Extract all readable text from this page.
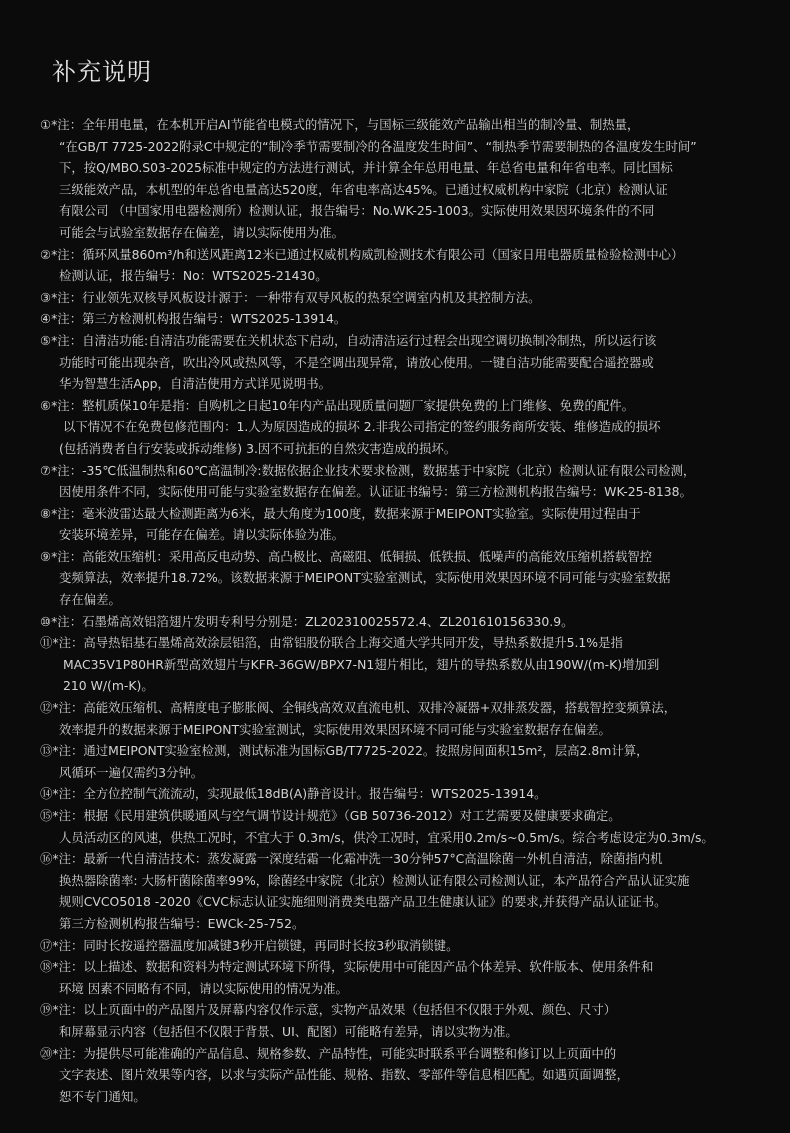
补充说明
①*注：全年用电量，在本机开启AI节能省电模式的情况下，与国标三级能效产品输出相当的制冷量、制热量，
“在GB/T 7725-2022附录C中规定的“制冷季节需要制冷的各温度发生时间”、“制热季节需要制热的各温度发生时间”
下，按Q/MBO.S03-2025标准中规定的方法进行测试，并计算全年总用电量、年总省电量和年省电率。同比国标
三级能效产品，本机型的年总省电量高达520度，年省电率高达45%。已通过权威机构中家院（北京）检测认证
有限公司 （中国家用电器检测所）检测认证，报告编号：No.WK-25-1003。实际使用效果因环境条件的不同
可能会与试验室数据存在偏差，请以实际使用为准。
②*注：循环风量860m³/h和送风距离12米已通过权威机构威凯检测技术有限公司（国家日用电器质量检验检测中心）
检测认证，报告编号：No：WTS2025-21430。
③*注：行业领先双核导风板设计源于：一种带有双导风板的热泵空调室内机及其控制方法。
④*注：第三方检测机构报告编号：WTS2025-13914。
⑤*注：自清洁功能:自清洁功能需要在关机状态下启动，自动清洁运行过程会出现空调切换制冷制热，所以运行该
功能时可能出现杂音，吹出冷风或热风等，不是空调出现异常，请放心使用。一键自洁功能需要配合遥控器或
华为智慧生活App，自清洁使用方式详见说明书。
⑥*注：整机质保10年是指：自购机之日起10年内产品出现质量问题厂家提供免费的上门维修、免费的配件。
以下情况不在免费包修范围内：1.人为原因造成的损坏 2.非我公司指定的签约服务商所安装、维修造成的损坏
(包括消费者自行安装或拆动维修) 3.因不可抗拒的自然灾害造成的损坏。
⑦*注：-35℃低温制热和60℃高温制冷:数据依据企业技术要求检测，数据基于中家院（北京）检测认证有限公司检测，
因使用条件不同，实际使用可能与实验室数据存在偏差。认证证书编号：第三方检测机构报告编号：WK-25-8138。
⑧*注：毫米波雷达最大检测距离为6米，最大角度为100度，数据来源于MEIPONT实验室。实际使用过程由于
安装环境差异，可能存在偏差。请以实际体验为准。
⑨*注：高能效压缩机：采用高反电动势、高凸极比、高磁阻、低铜损、低铁损、低噪声的高能效压缩机搭载智控
变频算法，效率提升18.72%。该数据来源于MEIPONT实验室测试，实际使用效果因环境不同可能与实验室数据
存在偏差。
⑩*注：石墨烯高效铝箔翅片发明专利号分别是：ZL202310025572.4、ZL201610156330.9。
⑪*注：高导热铝基石墨烯高效涂层铝箔，由常铝股份联合上海交通大学共同开发，导热系数提升5.1%是指
MAC35V1P80HR新型高效翅片与KFR-36GW/BPX7-N1翅片相比，翅片的导热系数从由190W/(m-K)增加到
210 W/(m-K)。
⑫*注：高能效压缩机、高精度电子膨胀阀、全铜线高效双直流电机、双排冷凝器+双排蒸发器，搭载智控变频算法，
效率提升的数据来源于MEIPONT实验室测试，实际使用效果因环境不同可能与实验室数据存在偏差。
⑬*注：通过MEIPONT实验室检测，测试标准为国标GB/T7725-2022。按照房间面积15m²，层高2.8m计算，
风循环一遍仅需约3分钟。
⑭*注：全方位控制气流流动，实现最低18dB(A)静音设计。报告编号：WTS2025-13914。
⑮*注：根据《民用建筑供暖通风与空气调节设计规范》（GB 50736-2012）对工艺需要及健康要求确定。
人员活动区的风速，供热工况时，不宜大于 0.3m/s，供冷工况时，宜采用0.2m/s~0.5m/s。综合考虑设定为0.3m/s。
⑯*注：最新一代自清洁技术：蒸发凝露一深度结霜一化霜冲洗一30分钟57°C高温除菌一外机自清洁，除菌指内机
换热器除菌率: 大肠杆菌除菌率99%，除菌经中家院（北京）检测认证有限公司检测认证，本产品符合产品认证实施
规则CVCO5018 -2020《CVC标志认证实施细则消费类电器产品卫生健康认证》的要求,并获得产品认证证书。
第三方检测机构报告编号：EWCk-25-752。
⑰*注：同时长按遥控器温度加减键3秒开启锁键，再同时长按3秒取消锁键。
⑱*注：以上描述、数据和资料为特定测试环境下所得，实际使用中可能因产品个体差异、软件版本、使用条件和
环境 因素不同略有不同，请以实际使用的情况为准。
⑲*注：以上页面中的产品图片及屏幕内容仅作示意，实物产品效果（包括但不仅限于外观、颜色、尺寸）
和屏幕显示内容（包括但不仅限于背景、UI、配图）可能略有差异，请以实物为准。
⑳*注：为提供尽可能准确的产品信息、规格参数、产品特性，可能实时联系平台调整和修订以上页面中的
文字表述、图片效果等内容，以求与实际产品性能、规格、指数、零部件等信息相匹配。如遇页面调整，
恕不专门通知。
